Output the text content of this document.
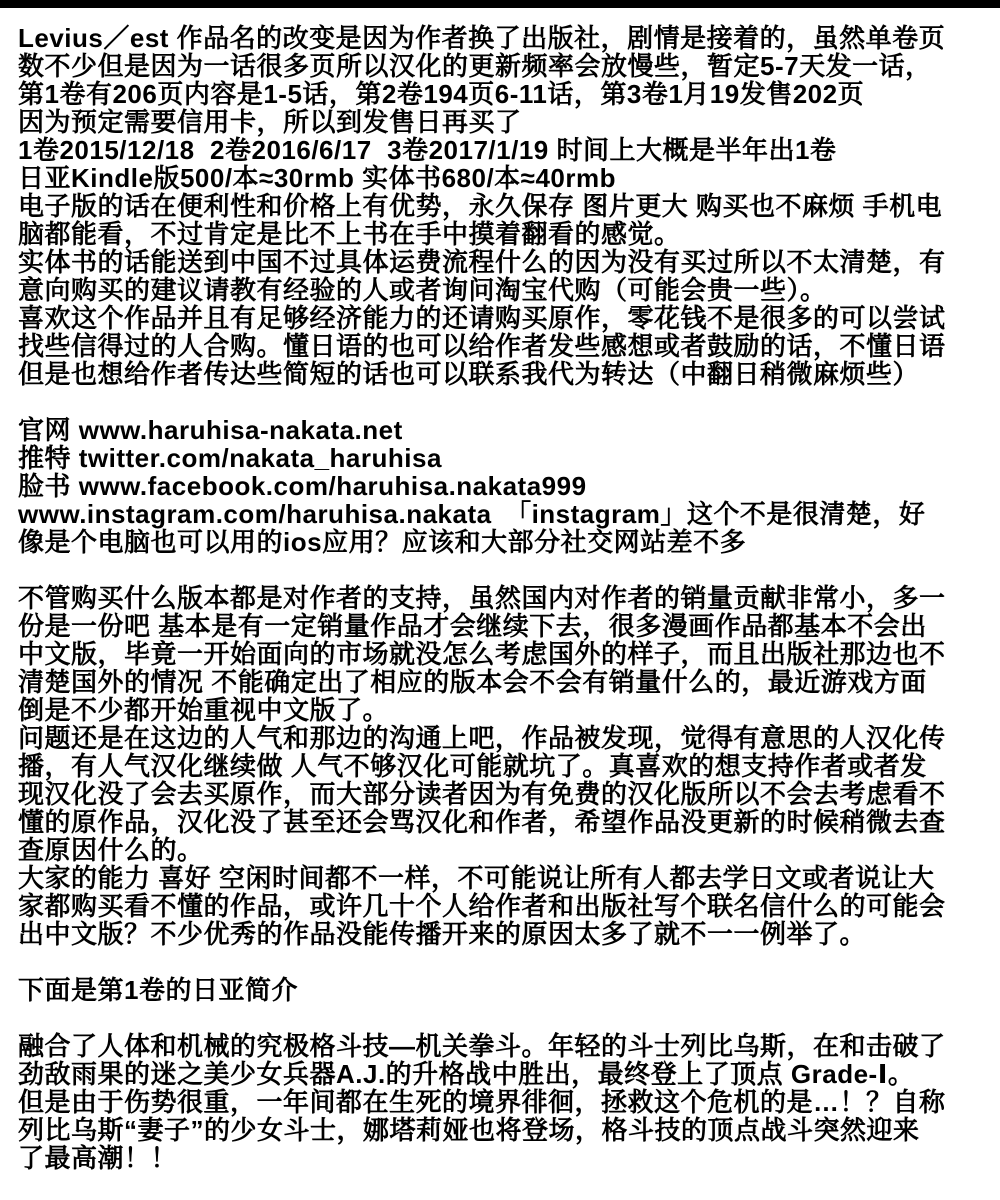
Levius／est 作品名的改变是因为作者换了出版社，剧情是接着的，虽然单卷页
数不少但是因为一话很多页所以汉化的更新频率会放慢些，暂定5-7天发一话，
第1卷有206页内容是1-5话，第2卷194页6-11话，第3卷1月19发售202页
因为预定需要信用卡，所以到发售日再买了
1卷2015/12/18  2卷2016/6/17  3卷2017/1/19 时间上大概是半年出1卷
日亚Kindle版500/本≈30rmb 实体书680/本≈40rmb
电子版的话在便利性和价格上有优势，永久保存 图片更大 购买也不麻烦 手机电
脑都能看，不过肯定是比不上书在手中摸着翻看的感觉。
实体书的话能送到中国不过具体运费流程什么的因为没有买过所以不太清楚，有
意向购买的建议请教有经验的人或者询问淘宝代购（可能会贵一些）。
喜欢这个作品并且有足够经济能力的还请购买原作，零花钱不是很多的可以尝试
找些信得过的人合购。懂日语的也可以给作者发些感想或者鼓励的话，不懂日语
但是也想给作者传达些简短的话也可以联系我代为转达（中翻日稍微麻烦些）
官网 www.haruhisa-nakata.net
推特 twitter.com/nakata_haruhisa
脸书 www.facebook.com/haruhisa.nakata999
www.instagram.com/haruhisa.nakata　「instagram」这个不是很清楚，好
像是个电脑也可以用的ios应用？应该和大部分社交网站差不多
不管购买什么版本都是对作者的支持，虽然国内对作者的销量贡献非常小，多一
份是一份吧 基本是有一定销量作品才会继续下去，很多漫画作品都基本不会出
中文版，毕竟一开始面向的市场就没怎么考虑国外的样子，而且出版社那边也不
清楚国外的情况 不能确定出了相应的版本会不会有销量什么的，最近游戏方面
倒是不少都开始重视中文版了。
问题还是在这边的人气和那边的沟通上吧，作品被发现，觉得有意思的人汉化传
播，有人气汉化继续做 人气不够汉化可能就坑了。真喜欢的想支持作者或者发
现汉化没了会去买原作，而大部分读者因为有免费的汉化版所以不会去考虑看不
懂的原作品，汉化没了甚至还会骂汉化和作者，希望作品没更新的时候稍微去查
查原因什么的。
大家的能力 喜好 空闲时间都不一样，不可能说让所有人都去学日文或者说让大
家都购买看不懂的作品，或许几十个人给作者和出版社写个联名信什么的可能会
出中文版？不少优秀的作品没能传播开来的原因太多了就不一一例举了。
下面是第1卷的日亚简介
融合了人体和机械的究极格斗技—机关拳斗。年轻的斗士列比乌斯，在和击破了
劲敌雨果的迷之美少女兵器A.J.的升格战中胜出，最终登上了顶点 Grade-Ⅰ。
但是由于伤势很重，一年间都在生死的境界徘徊，拯救这个危机的是…！？自称
列比乌斯“妻子”的少女斗士，娜塔莉娅也将登场，格斗技的顶点战斗突然迎来
了最高潮！！
